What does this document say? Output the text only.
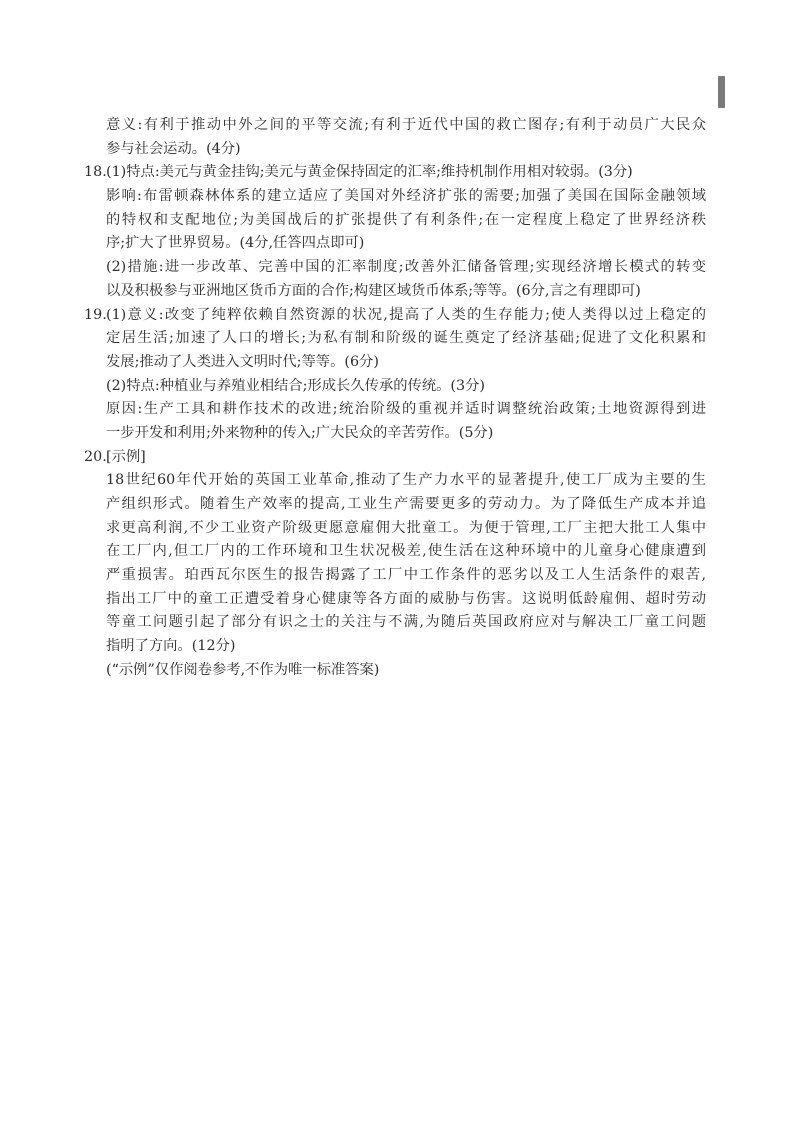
意义:有利于推动中外之间的平等交流;有利于近代中国的救亡图存;有利于动员广大民众
参与社会运动。(4分)
18. (1)特点:美元与黄金挂钩;美元与黄金保持固定的汇率;维持机制作用相对较弱。(3分)
影响:布雷顿森林体系的建立适应了美国对外经济扩张的需要;加强了美国在国际金融领域
的特权和支配地位;为美国战后的扩张提供了有利条件;在一定程度上稳定了世界经济秩
序;扩大了世界贸易。(4分,任答四点即可)
(2)措施:进一步改革、完善中国的汇率制度;改善外汇储备管理;实现经济增长模式的转变
以及积极参与亚洲地区货币方面的合作;构建区域货币体系;等等。(6分,言之有理即可)
19. (1)意义:改变了纯粹依赖自然资源的状况,提高了人类的生存能力;使人类得以过上稳定的
定居生活;加速了人口的增长;为私有制和阶级的诞生奠定了经济基础;促进了文化积累和
发展;推动了人类进入文明时代;等等。(6分)
(2)特点:种植业与养殖业相结合;形成长久传承的传统。(3分)
原因:生产工具和耕作技术的改进;统治阶级的重视并适时调整统治政策;土地资源得到进
一步开发和利用;外来物种的传入;广大民众的辛苦劳作。(5分)
20. [示例]
18世纪60年代开始的英国工业革命,推动了生产力水平的显著提升,使工厂成为主要的生
产组织形式。随着生产效率的提高,工业生产需要更多的劳动力。为了降低生产成本并追
求更高利润,不少工业资产阶级更愿意雇佣大批童工。为便于管理,工厂主把大批工人集中
在工厂内,但工厂内的工作环境和卫生状况极差,使生活在这种环境中的儿童身心健康遭到
严重损害。珀西瓦尔医生的报告揭露了工厂中工作条件的恶劣以及工人生活条件的艰苦,
指出工厂中的童工正遭受着身心健康等各方面的威胁与伤害。这说明低龄雇佣、超时劳动
等童工问题引起了部分有识之士的关注与不满,为随后英国政府应对与解决工厂童工问题
指明了方向。(12分)
(“示例”仅作阅卷参考,不作为唯一标准答案)
